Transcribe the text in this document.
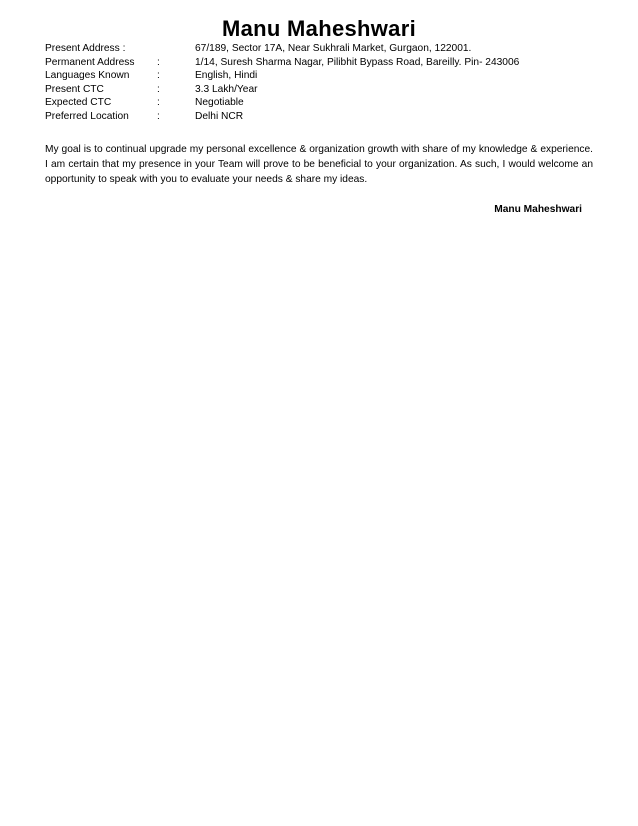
Manu Maheshwari
Present Address :	67/189, Sector 17A, Near Sukhrali Market, Gurgaon, 122001.
Permanent Address :	1/14, Suresh Sharma Nagar, Pilibhit Bypass Road, Bareilly. Pin- 243006
Languages Known	:	English, Hindi
Present CTC	:	3.3 Lakh/Year
Expected CTC	:	Negotiable
Preferred Location	:	Delhi NCR
My goal is to continual upgrade my personal excellence & organization growth with share of my knowledge & experience. I am certain that my presence in your Team will prove to be beneficial to your organization. As such, I would welcome an opportunity to speak with you to evaluate your needs & share my ideas.
Manu Maheshwari
